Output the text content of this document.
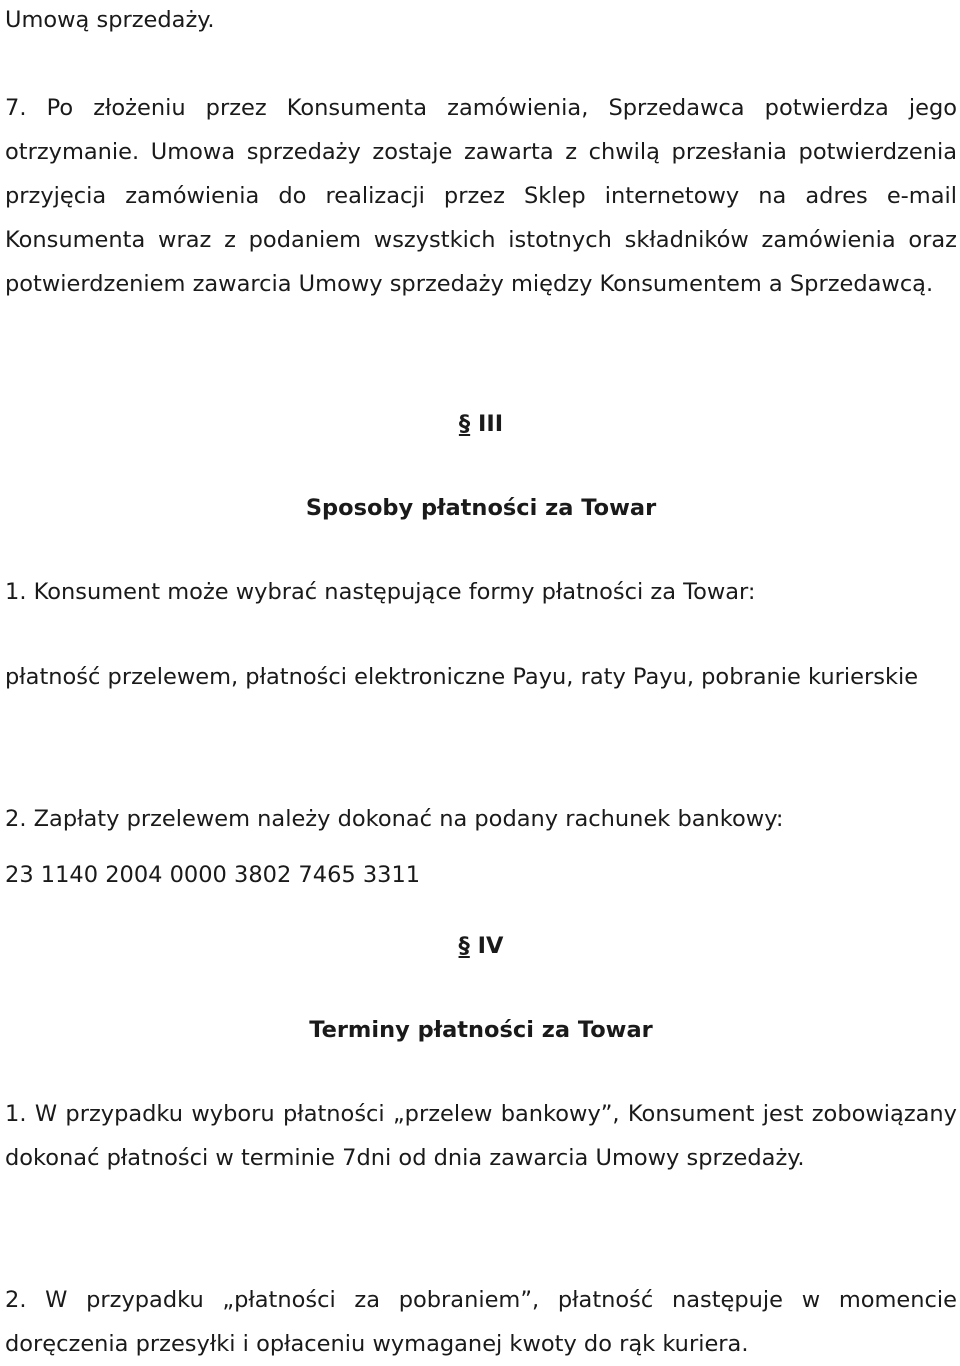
Umową sprzedaży.

7. Po złożeniu przez Konsumenta zamówienia, Sprzedawca potwierdza jego otrzymanie. Umowa sprzedaży zostaje zawarta z chwilą przesłania potwierdzenia przyjęcia zamówienia do realizacji przez Sklep internetowy na adres e-mail Konsumenta wraz z podaniem wszystkich istotnych składników zamówienia oraz potwierdzeniem zawarcia Umowy sprzedaży między Konsumentem a Sprzedawcą.

§ III

Sposoby płatności za Towar

1. Konsument może wybrać następujące formy płatności za Towar:

płatność przelewem, płatności elektroniczne Payu, raty Payu, pobranie kurierskie

2. Zapłaty przelewem należy dokonać na podany rachunek bankowy:

23 1140 2004 0000 3802 7465 3311

§ IV

Terminy płatności za Towar

1. W przypadku wyboru płatności „przelew bankowy”, Konsument jest zobowiązany dokonać płatności w terminie 7dni od dnia zawarcia Umowy sprzedaży.

2. W przypadku „płatności za pobraniem”, płatność następuje w momencie doręczenia przesyłki i opłaceniu wymaganej kwoty do rąk kuriera.
